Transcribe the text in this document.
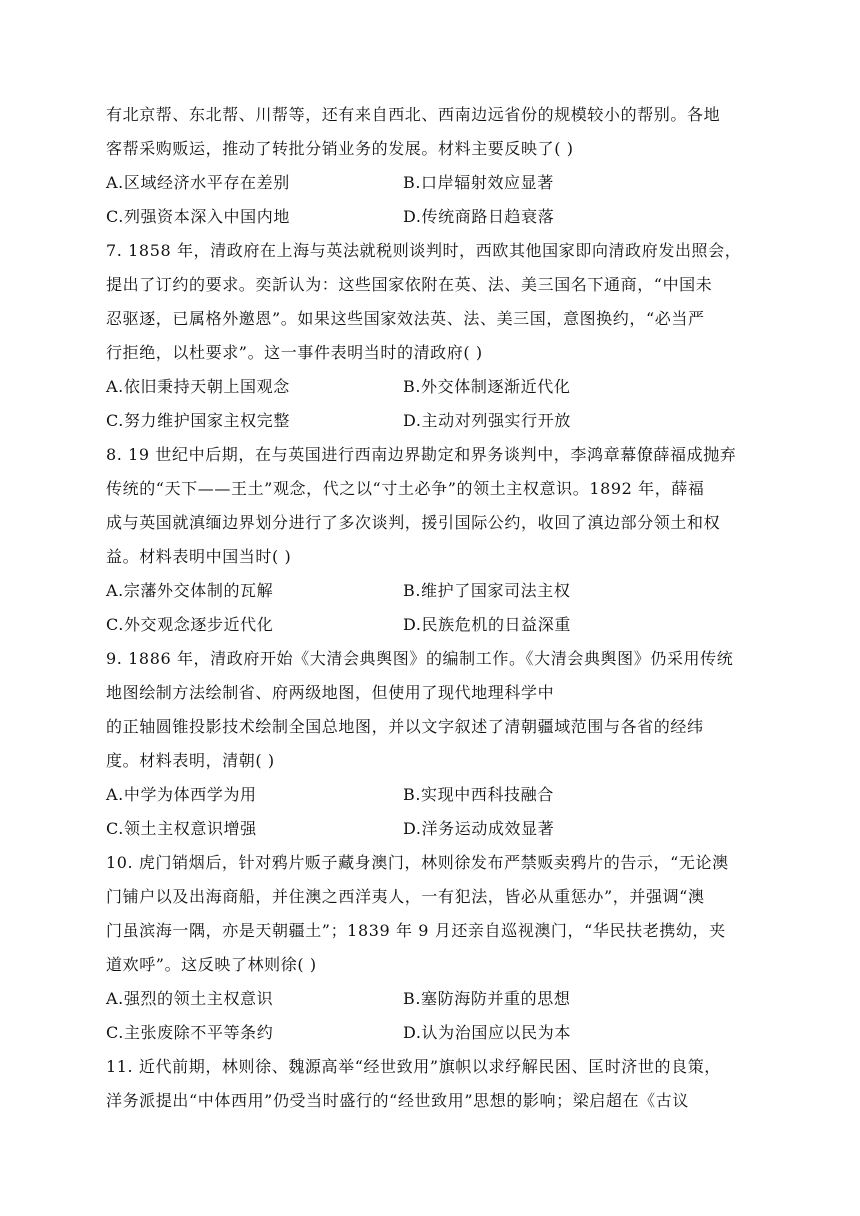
有北京帮、东北帮、川帮等，还有来自西北、西南边远省份的规模较小的帮别。各地
客帮采购贩运，推动了转批分销业务的发展。材料主要反映了( )
A.区域经济水平存在差别	B.口岸辐射效应显著
C.列强资本深入中国内地	D.传统商路日趋衰落
7. 1858 年，清政府在上海与英法就税则谈判时，西欧其他国家即向清政府发出照会，
提出了订约的要求。奕訢认为：这些国家依附在英、法、美三国名下通商，“中国未
忍驱逐，已属格外邀恩”。如果这些国家效法英、法、美三国，意图换约，“必当严
行拒绝，以杜要求”。这一事件表明当时的清政府( )
A.依旧秉持天朝上国观念	B.外交体制逐渐近代化
C.努力维护国家主权完整	D.主动对列强实行开放
8. 19 世纪中后期，在与英国进行西南边界勘定和界务谈判中，李鸿章幕僚薛福成抛弃
传统的“天下——王土”观念，代之以“寸土必争”的领土主权意识。1892 年，薛福
成与英国就滇缅边界划分进行了多次谈判，援引国际公约，收回了滇边部分领土和权
益。材料表明中国当时( )
A.宗藩外交体制的瓦解	B.维护了国家司法主权
C.外交观念逐步近代化	D.民族危机的日益深重
9. 1886 年，清政府开始《大清会典舆图》的编制工作。《大清会典舆图》仍采用传统
地图绘制方法绘制省、府两级地图，但使用了现代地理科学中
的正轴圆锥投影技术绘制全国总地图，并以文字叙述了清朝疆域范围与各省的经纬
度。材料表明，清朝( )
A.中学为体西学为用	B.实现中西科技融合
C.领土主权意识增强	D.洋务运动成效显著
10. 虎门销烟后，针对鸦片贩子藏身澳门，林则徐发布严禁贩卖鸦片的告示，“无论澳
门铺户以及出海商船，并住澳之西洋夷人，一有犯法，皆必从重惩办”，并强调“澳
门虽滨海一隅，亦是天朝疆土”；1839 年 9 月还亲自巡视澳门，“华民扶老携幼，夹
道欢呼”。这反映了林则徐( )
A.强烈的领土主权意识	B.塞防海防并重的思想
C.主张废除不平等条约	D.认为治国应以民为本
11. 近代前期，林则徐、魏源高举“经世致用”旗帜以求纾解民困、匡时济世的良策，
洋务派提出“中体西用”仍受当时盛行的“经世致用”思想的影响；梁启超在《古议
